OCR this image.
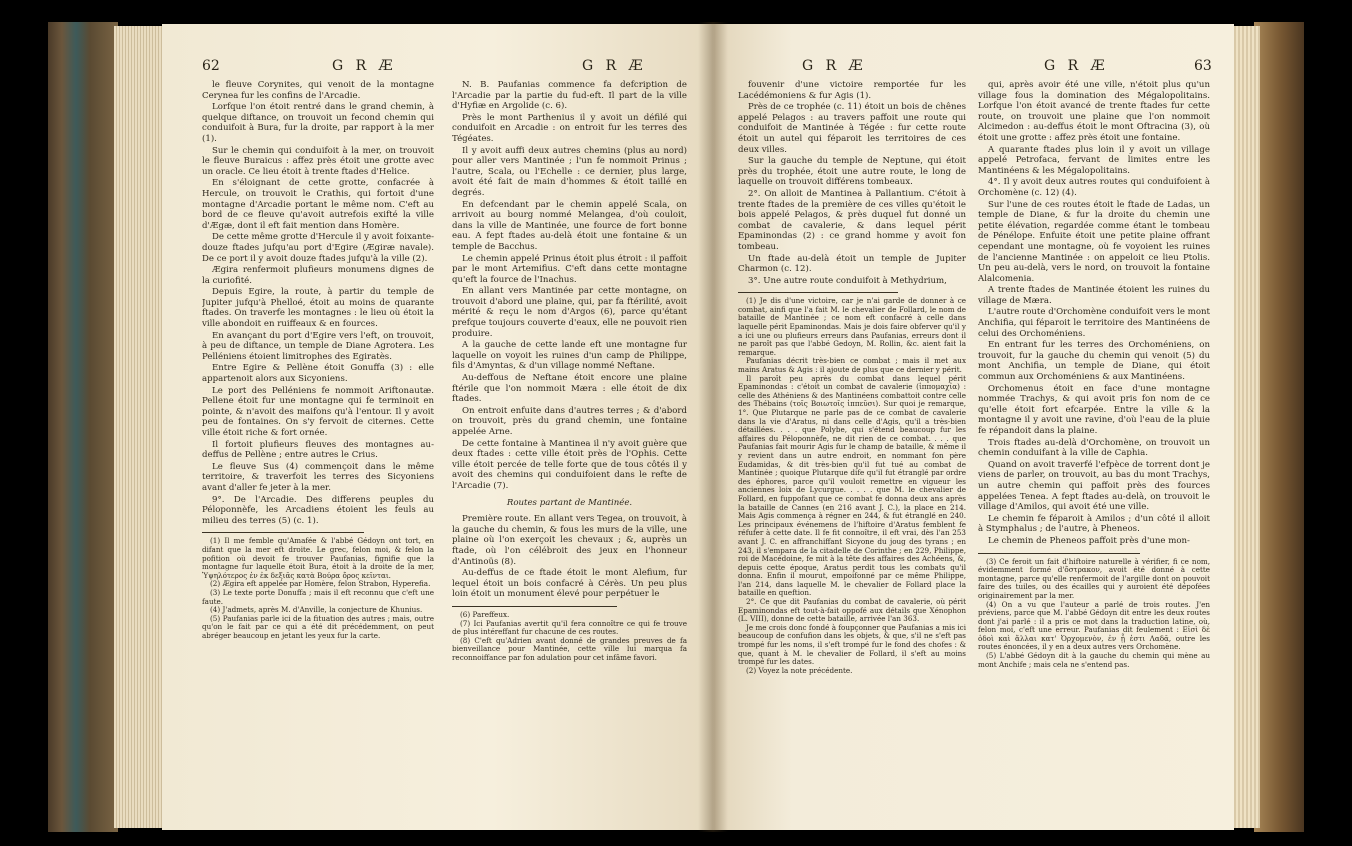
62	G R Æ	G R Æ

le fleuve Corynites, qui venoit de la montagne Cerynea fur les confins de l'Arcadie.

Lorfque l'on étoit rentré dans le grand chemin, à quelque diftance, on trouvoit un fecond chemin qui conduifoit à Bura, fur la droite, par rapport à la mer (1).

Sur le chemin qui conduifoit à la mer, on trouvoit le fleuve Buraicus : affez près étoit une grotte avec un oracle. Ce lieu étoit à trente ftades d'Helice.

En s'éloignant de cette grotte, confacrée à Hercule, on trouvoit le Crathis, qui fortoit d'une montagne d'Arcadie portant le même nom. C'eft au bord de ce fleuve qu'avoit autrefois exifté la ville d'Ægæ, dont il eft fait mention dans Homère.

De cette même grotte d'Hercule il y avoit foixante-douze ftades jufqu'au port d'Egire (Ægiræ navale). De ce port il y avoit douze ftades jufqu'à la ville (2).

Ægira renfermoit plufieurs monumens dignes de la curiofité.

Depuis Egire, la route, à partir du temple de Jupiter jufqu'à Phelloé, étoit au moins de quarante ftades. On traverfe les montagnes : le lieu où étoit la ville abondoit en ruiffeaux & en fources.

En avançant du port d'Egire vers l'eft, on trouvoit, à peu de diftance, un temple de Diane Agrotera. Les Pelléniens étoient limitrophes des Egiratès.

Entre Egire & Pellène étoit Gonuffa (3) : elle appartenoit alors aux Sicyoniens.

Le port des Pelléniens fe nommoit Ariftonautæ. Pellene étoit fur une montagne qui fe terminoit en pointe, & n'avoit des maifons qu'à l'entour. Il y avoit peu de fontaines. On s'y fervoit de citernes. Cette ville étoit riche & fort ornée.

Il fortoit plufieurs fleuves des montagnes au-deffus de Pellène ; entre autres le Crius.

Le fleuve Sus (4) commençoit dans le même territoire, & traverfoit les terres des Sicyoniens avant d'aller fe jeter à la mer.

9°. De l'Arcadie. Des differens peuples du Péloponnèfe, les Arcadiens étoient les feuls au milieu des terres (5) (c. 1).

(1) Il me femble qu'Amafée & l'abbé Gédoyn ont tort, en difant que la mer eft droite. Le grec, felon moi, & felon la pofition où devoit fe trouver Paufanias, fignifie que la montagne fur laquelle étoit Bura, étoit à la droite de la mer, Ὑψηλότερος ἐν ἐκ δεξιᾶς κατὰ Βούρα ὄρος κεῖνται.

(2) Ægira eft appelée par Homère, felon Strabon, Hyperefia.

(3) Le texte porte Donuffa ; mais il eft reconnu que c'eft une faute.

(4) J'admets, après M. d'Anville, la conjecture de Khunius.

(5) Paufanias parle ici de la fituation des autres ; mais, outre qu'on le fait par ce qui a été dit précédemment, on peut abréger beaucoup en jetant les yeux fur la carte.

N. B. Paufanias commence fa defcription de l'Arcadie par la partie du fud-eft. Il part de la ville d'Hyfiæ en Argolide (c. 6).

Près le mont Parthenius il y avoit un défilé qui conduifoit en Arcadie : on entroit fur les terres des Tégéates.

Il y avoit auffi deux autres chemins (plus au nord) pour aller vers Mantinée ; l'un fe nommoit Prinus ; l'autre, Scala, ou l'Echelle : ce dernier, plus large, avoit été fait de main d'hommes & étoit taillé en degrés.

En defcendant par le chemin appelé Scala, on arrivoit au bourg nommé Melangea, d'où couloit, dans la ville de Mantinée, une fource de fort bonne eau. A fept ftades au-delà étoit une fontaine & un temple de Bacchus.

Le chemin appelé Prinus étoit plus étroit : il paffoit par le mont Artemifius. C'eft dans cette montagne qu'eft la fource de l'Inachus.

En allant vers Mantinée par cette montagne, on trouvoit d'abord une plaine, qui, par fa ftérilité, avoit mérité & reçu le nom d'Argos (6), parce qu'étant prefque toujours couverte d'eaux, elle ne pouvoit rien produire.

A la gauche de cette lande eft une montagne fur laquelle on voyoit les ruines d'un camp de Philippe, fils d'Amyntas, & d'un village nommé Neftane.

Au-deffous de Neftane étoit encore une plaine ftérile que l'on nommoit Mæra : elle étoit de dix ftades.

On entroit enfuite dans d'autres terres ; & d'abord on trouvoit, près du grand chemin, une fontaine appelée Arne.

De cette fontaine à Mantinea il n'y avoit guère que deux ftades : cette ville étoit près de l'Ophis. Cette ville étoit percée de telle forte que de tous côtés il y avoit des chemins qui conduifoient dans le refte de l'Arcadie (7).

Routes partant de Mantinée.

Première route. En allant vers Tegea, on trouvoit, à la gauche du chemin, & fous les murs de la ville, une plaine où l'on exerçoit les chevaux ; &, auprès un ftade, où l'on célébroit des jeux en l'honneur d'Antinoüs (8).

Au-deffus de ce ftade étoit le mont Alefium, fur lequel étoit un bois confacré à Cérès. Un peu plus loin étoit un monument élevé pour perpétuer le

(6) Pareffeux.

(7) Ici Paufanias avertit qu'il fera connoître ce qui fe trouve de plus intéreffant fur chacune de ces routes.

(8) C'eft qu'Adrien avant donné de grandes preuves de fa bienveillance pour Mantinée, cette ville lui marqua fa reconnoiffance par fon adulation pour cet infâme favori.

G R Æ	G R Æ	63

fouvenir d'une victoire remportée fur les Lacédémoniens & fur Agis (1).

Près de ce trophée (c. 11) étoit un bois de chênes appelé Pelagos : au travers paffoit une route qui conduifoit de Mantinée à Tégée : fur cette route étoit un autel qui féparoit les territoires de ces deux villes.

Sur la gauche du temple de Neptune, qui étoit près du trophée, étoit une autre route, le long de laquelle on trouvoit différens tombeaux.

2°. On alloit de Mantinea à Pallantium. C'étoit à trente ftades de la première de ces villes qu'étoit le bois appelé Pelagos, & près duquel fut donné un combat de cavalerie, & dans lequel périt Epaminondas (2) : ce grand homme y avoit fon tombeau.

Un ftade au-delà étoit un temple de Jupiter Charmon (c. 12).

3°. Une autre route conduifoit à Methydrium,

(1) Je dis d'une victoire, car je n'ai garde de donner à ce combat, ainfi que l'a fait M. le chevalier de Follard, le nom de bataille de Mantinée ; ce nom eft confacré à celle dans laquelle périt Epaminondas. Mais je dois faire obferver qu'il y a ici une ou plufieurs erreurs dans Paufanias, erreurs dont il ne paroît pas que l'abbé Gedoyn, M. Rollin, &c. aient fait la remarque.

Paufanias décrit très-bien ce combat ; mais il met aux mains Aratus & Agis : il ajoute de plus que ce dernier y périt.

Il paroît peu après du combat dans lequel périt Epaminondas : c'étoit un combat de cavalerie (ἱππομαχία) : celle des Athéniens & des Mantinéens combattoit contre celle des Thébains (τοῖς Βοιωτοῖς ἱππεῦσι). Sur quoi je remarque, 1°. Que Plutarque ne parle pas de ce combat de cavalerie dans la vie d'Aratus, ni dans celle d'Agis, qu'il a très-bien détaillées. . . . que Polybe, qui s'étend beaucoup fur les affaires du Péloponnèfe, ne dit rien de ce combat. . . . que Paufanias fait mourir Agis fur le champ de bataille, & même il y revient dans un autre endroit, en nommant fon père Eudamidas, & dit très-bien qu'il fut tué au combat de Mantinée ; quoique Plutarque dife qu'il fut étranglé par ordre des éphores, parce qu'il vouloit remettre en vigueur les anciennes loix de Lycurgue. . . . . que M. le chevalier de Follard, en fuppofant que ce combat fe donna deux ans après la bataille de Cannes (en 216 avant J. C.), la place en 214. Mais Agis commença à régner en 244, & fut étranglé en 240. Les principaux événemens de l'hiftoire d'Aratus femblent fe réfufer à cette date. Il fe fit connoître, il eft vrai, dès l'an 253 avant J. C. en affranchiffant Sicyone du joug des tyrans ; en 243, il s'empara de la citadelle de Corinthe ; en 229, Philippe, roi de Macédoine, fe mit à la tête des affaires des Achéens, &, depuis cette époque, Aratus perdit tous les combats qu'il donna. Enfin il mourut, empoifonné par ce même Philippe, l'an 214, dans laquelle M. le chevalier de Follard place la bataille en queftion.

2°. Ce que dit Paufanias du combat de cavalerie, où périt Epaminondas eft tout-à-fait oppofé aux détails que Xénophon (L. VIII), donne de cette bataille, arrivée l'an 363.

Je me crois donc fondé à foupçonner que Paufanias a mis ici beaucoup de confufion dans les objets, & que, s'il ne s'eft pas trompé fur les noms, il s'eft trompé fur le fond des chofes : & que, quant à M. le chevalier de Follard, il s'eft au moins trompé fur les dates.

(2) Voyez la note précédente.

qui, après avoir été une ville, n'étoit plus qu'un village fous la domination des Mégalopolitains. Lorfque l'on étoit avancé de trente ftades fur cette route, on trouvoit une plaine que l'on nommoit Alcimedon : au-deffus étoit le mont Oftracina (3), où étoit une grotte : affez près étoit une fontaine.

A quarante ftades plus loin il y avoit un village appelé Petrofaca, fervant de limites entre les Mantinéens & les Mégalopolitains.

4°. Il y avoit deux autres routes qui conduifoient à Orchomène (c. 12) (4).

Sur l'une de ces routes étoit le ftade de Ladas, un temple de Diane, & fur la droite du chemin une petite élévation, regardée comme étant le tombeau de Pénélope. Enfuite étoit une petite plaine offrant cependant une montagne, où fe voyoient les ruines de l'ancienne Mantinée : on appeloit ce lieu Ptolis. Un peu au-delà, vers le nord, on trouvoit la fontaine Alalcomenia.

A trente ftades de Mantinée étoient les ruines du village de Mæra.

L'autre route d'Orchomène conduifoit vers le mont Anchifia, qui féparoit le territoire des Mantinéens de celui des Orchoméniens.

En entrant fur les terres des Orchoméniens, on trouvoit, fur la gauche du chemin qui venoit (5) du mont Anchifia, un temple de Diane, qui étoit commun aux Orchoméniens & aux Mantinéens.

Orchomenus étoit en face d'une montagne nommée Trachys, & qui avoit pris fon nom de ce qu'elle étoit fort efcarpée. Entre la ville & la montagne il y avoit une ravine, d'où l'eau de la pluie fe répandoit dans la plaine.

Trois ftades au-delà d'Orchomène, on trouvoit un chemin conduifant à la ville de Caphia.

Quand on avoit traverfé l'efpèce de torrent dont je viens de parler, on trouvoit, au bas du mont Trachys, un autre chemin qui paffoit près des fources appelées Tenea. A fept ftades au-delà, on trouvoit le village d'Amilos, qui avoit été une ville.

Le chemin fe féparoit à Amilos ; d'un côté il alloit à Stymphalus ; de l'autre, à Pheneos.

Le chemin de Pheneos paffoit près d'une mon-

(3) Ce feroit un fait d'hiftoire naturelle à vérifier, fi ce nom, évidemment formé d'ὄστρακον, avoit été donné à cette montagne, parce qu'elle renfermoit de l'argille dont on pouvoit faire des tuiles, ou des écailles qui y auroient été dépofées originairement par la mer.

(4) On a vu que l'auteur a parlé de trois routes. J'en préviens, parce que M. l'abbé Gédoyn dit entre les deux routes dont j'ai parlé : il a pris ce mot dans la traduction latine, où, felon moi, c'eft une erreur. Paufanias dit feulement : Εἰσὶ δὲ ὁδοὶ καὶ ἄλλαι κατ' Ὀρχομενὸν, ἐν ᾗ ἐστι Λαδᾶ, outre les routes énoncées, il y en a deux autres vers Orchomène.

(5) L'abbé Gédoyn dit à la gauche du chemin qui mène au mont Anchife ; mais cela ne s'entend pas.
